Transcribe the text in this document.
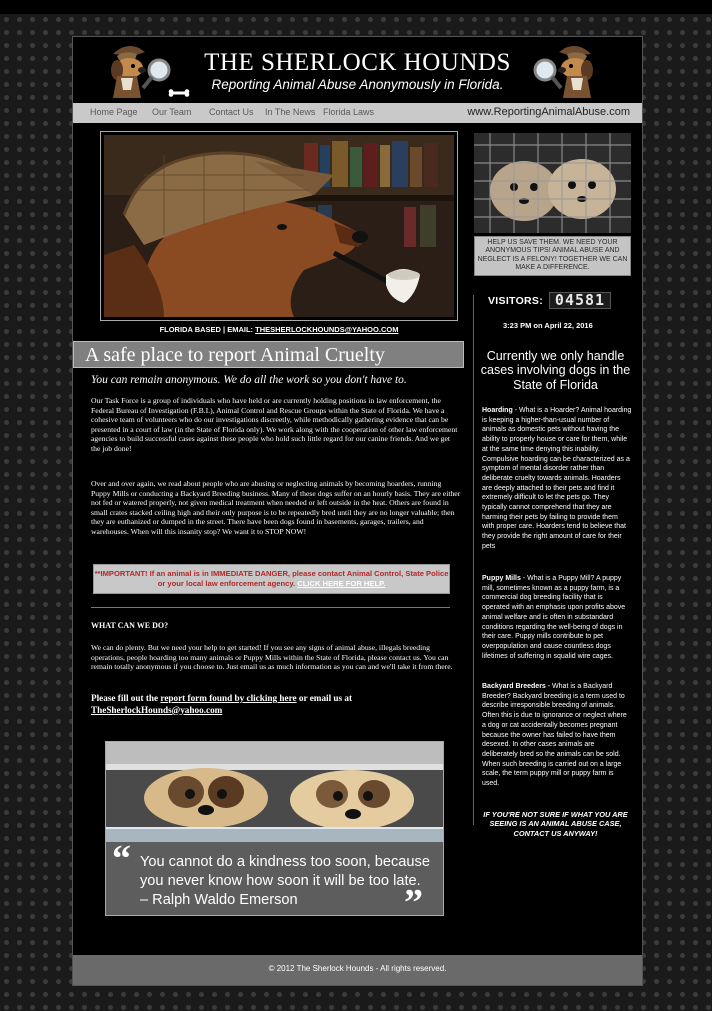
THE SHERLOCK HOUNDS
Reporting Animal Abuse Anonymously in Florida.
Home Page Our Team Contact Us In The News Florida Laws	www.ReportingAnimalAbuse.com
FLORIDA BASED | EMAIL: THESHERLOCKHOUNDS@YAHOO.COM
A safe place to report Animal Cruelty
You can remain anonymous. We do all the work so you don't have to.
Our Task Force is a group of individuals who have held or are currently holding positions in law enforcement, the Federal Bureau of Investigation (F.B.I.), Animal Control and Rescue Groups within the State of Florida. We have a cohesive team of volunteers who do our investigations discreetly, while methodically gathering evidence that can be presented in a court of law (in the State of Florida only). We work along with the cooperation of other law enforcement agencies to build successful cases against these people who hold such little regard for our canine friends. And we get the job done!
Over and over again, we read about people who are abusing or neglecting animals by becoming hoarders, running Puppy Mills or conducting a Backyard Breeding business. Many of these dogs suffer on an hourly basis. They are either not fed or watered properly, not given medical treatment when needed or left outside in the heat. Others are found in small crates stacked ceiling high and their only purpose is to be repeatedly bred until they are no longer valuable; then they are euthanized or dumped in the street. There have been dogs found in basements, garages, trailers, and warehouses. When will this insanity stop? We want it to STOP NOW!
**IMPORTANT! If an animal is in IMMEDIATE DANGER, please contact Animal Control, State Police or your local law enforcement agency. CLICK HERE FOR HELP.
WHAT CAN WE DO?
We can do plenty. But we need your help to get started! If you see any signs of animal abuse, illegals breeding operations, people hoarding too many animals or Puppy Mills within the State of Florida, please contact us. You can remain totally anonymous if you choose to. Just email us as much information as you can and we'll take it from there.
Please fill out the report form found by clicking here or email us at
TheSherlockHounds@yahoo.com
“ You cannot do a kindness too soon, because you never know how soon it will be too late. – Ralph Waldo Emerson	”
HELP US SAVE THEM. WE NEED YOUR ANONYMOUS TIPS! ANIMAL ABUSE AND NEGLECT IS A FELONY! TOGETHER WE CAN MAKE A DIFFERENCE.
VISITORS: 04581
3:23 PM on April 22, 2016
Currently we only handle cases involving dogs in the State of Florida
Hoarding - What is a Hoarder? Animal hoarding is keeping a higher-than-usual number of animals as domestic pets without having the ability to properly house or care for them, while at the same time denying this inability. Compulsive hoarding can be characterized as a symptom of mental disorder rather than deliberate cruelty towards animals. Hoarders are deeply attached to their pets and find it extremely difficult to let the pets go. They typically cannot comprehend that they are harming their pets by failing to provide them with proper care. Hoarders tend to believe that they provide the right amount of care for their pets
Puppy Mills - What is a Puppy Mill? A puppy mill, sometimes known as a puppy farm, is a commercial dog breeding facility that is operated with an emphasis upon profits above animal welfare and is often in substandard conditions regarding the well-being of dogs in their care. Puppy mills contribute to pet overpopulation and cause countless dogs lifetimes of suffering in squalid wire cages.
Backyard Breeders - What is a Backyard Breeder? Backyard breeding is a term used to describe irresponsible breeding of animals. Often this is due to ignorance or neglect where a dog or cat accidentally becomes pregnant because the owner has failed to have them desexed. In other cases animals are deliberately bred so the animals can be sold. When such breeding is carried out on a large scale, the term puppy mill or puppy farm is used.
IF YOU'RE NOT SURE IF WHAT YOU ARE SEEING IS AN ANIMAL ABUSE CASE, CONTACT US ANYWAY!
© 2012 The Sherlock Hounds - All rights reserved.
